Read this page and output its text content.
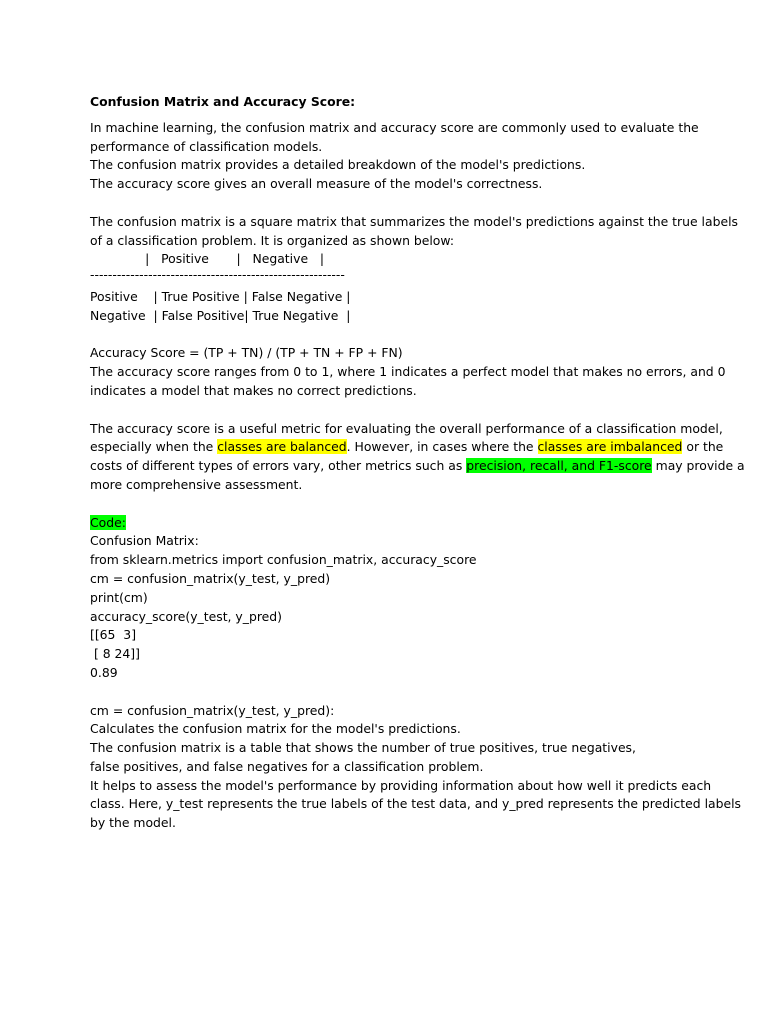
Confusion Matrix and Accuracy Score:
In machine learning, the confusion matrix and accuracy score are commonly used to evaluate the
performance of classification models.
The confusion matrix provides a detailed breakdown of the model's predictions.
The accuracy score gives an overall measure of the model's correctness.
The confusion matrix is a square matrix that summarizes the model's predictions against the true labels
of a classification problem. It is organized as shown below:
|   Positive       |   Negative   |
---------------------------------------------------------
Positive    | True Positive | False Negative |
Negative  | False Positive| True Negative  |
Accuracy Score = (TP + TN) / (TP + TN + FP + FN)
The accuracy score ranges from 0 to 1, where 1 indicates a perfect model that makes no errors, and 0
indicates a model that makes no correct predictions.
The accuracy score is a useful metric for evaluating the overall performance of a classification model,
especially when the classes are balanced. However, in cases where the classes are imbalanced or the
costs of different types of errors vary, other metrics such as precision, recall, and F1-score may provide a
more comprehensive assessment.
Code:
Confusion Matrix:
from sklearn.metrics import confusion_matrix, accuracy_score
cm = confusion_matrix(y_test, y_pred)
print(cm)
accuracy_score(y_test, y_pred)
[[65  3]
[ 8 24]]
0.89
cm = confusion_matrix(y_test, y_pred):
Calculates the confusion matrix for the model's predictions.
The confusion matrix is a table that shows the number of true positives, true negatives,
false positives, and false negatives for a classification problem.
It helps to assess the model's performance by providing information about how well it predicts each
class. Here, y_test represents the true labels of the test data, and y_pred represents the predicted labels
by the model.
